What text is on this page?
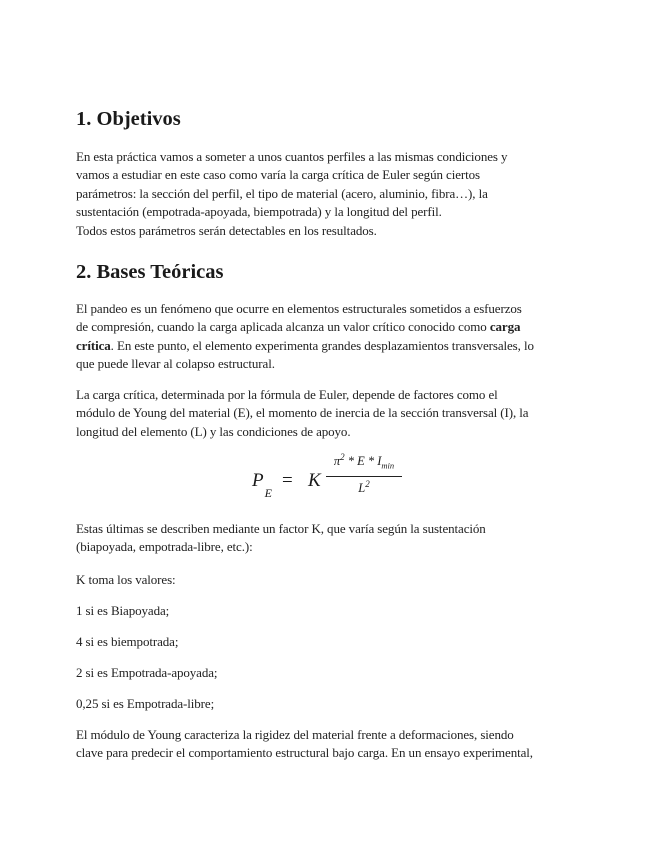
1. Objetivos
En esta práctica vamos a someter a unos cuantos perfiles a las mismas condiciones y
vamos a estudiar en este caso como varía la carga crítica de Euler según ciertos
parámetros: la sección del perfil, el tipo de material (acero, aluminio, fibra…), la
sustentación (empotrada-apoyada, biempotrada) y la longitud del perfil.
Todos estos parámetros serán detectables en los resultados.
2. Bases Teóricas
El pandeo es un fenómeno que ocurre en elementos estructurales sometidos a esfuerzos
de compresión, cuando la carga aplicada alcanza un valor crítico conocido como carga
crítica. En este punto, el elemento experimenta grandes desplazamientos transversales, lo
que puede llevar al colapso estructural.
La carga crítica, determinada por la fórmula de Euler, depende de factores como el
módulo de Young del material (E), el momento de inercia de la sección transversal (I), la
longitud del elemento (L) y las condiciones de apoyo.
$P_E$
= K
$\pi^2$ * E * $I_{min}$
$L^2$
Estas últimas se describen mediante un factor K, que varía según la sustentación
(biapoyada, empotrada-libre, etc.):
K toma los valores:
1 si es Biapoyada;
4 si es biempotrada;
2 si es Empotrada-apoyada;
0,25 si es Empotrada-libre;
El módulo de Young caracteriza la rigidez del material frente a deformaciones, siendo
clave para predecir el comportamiento estructural bajo carga. En un ensayo experimental,
